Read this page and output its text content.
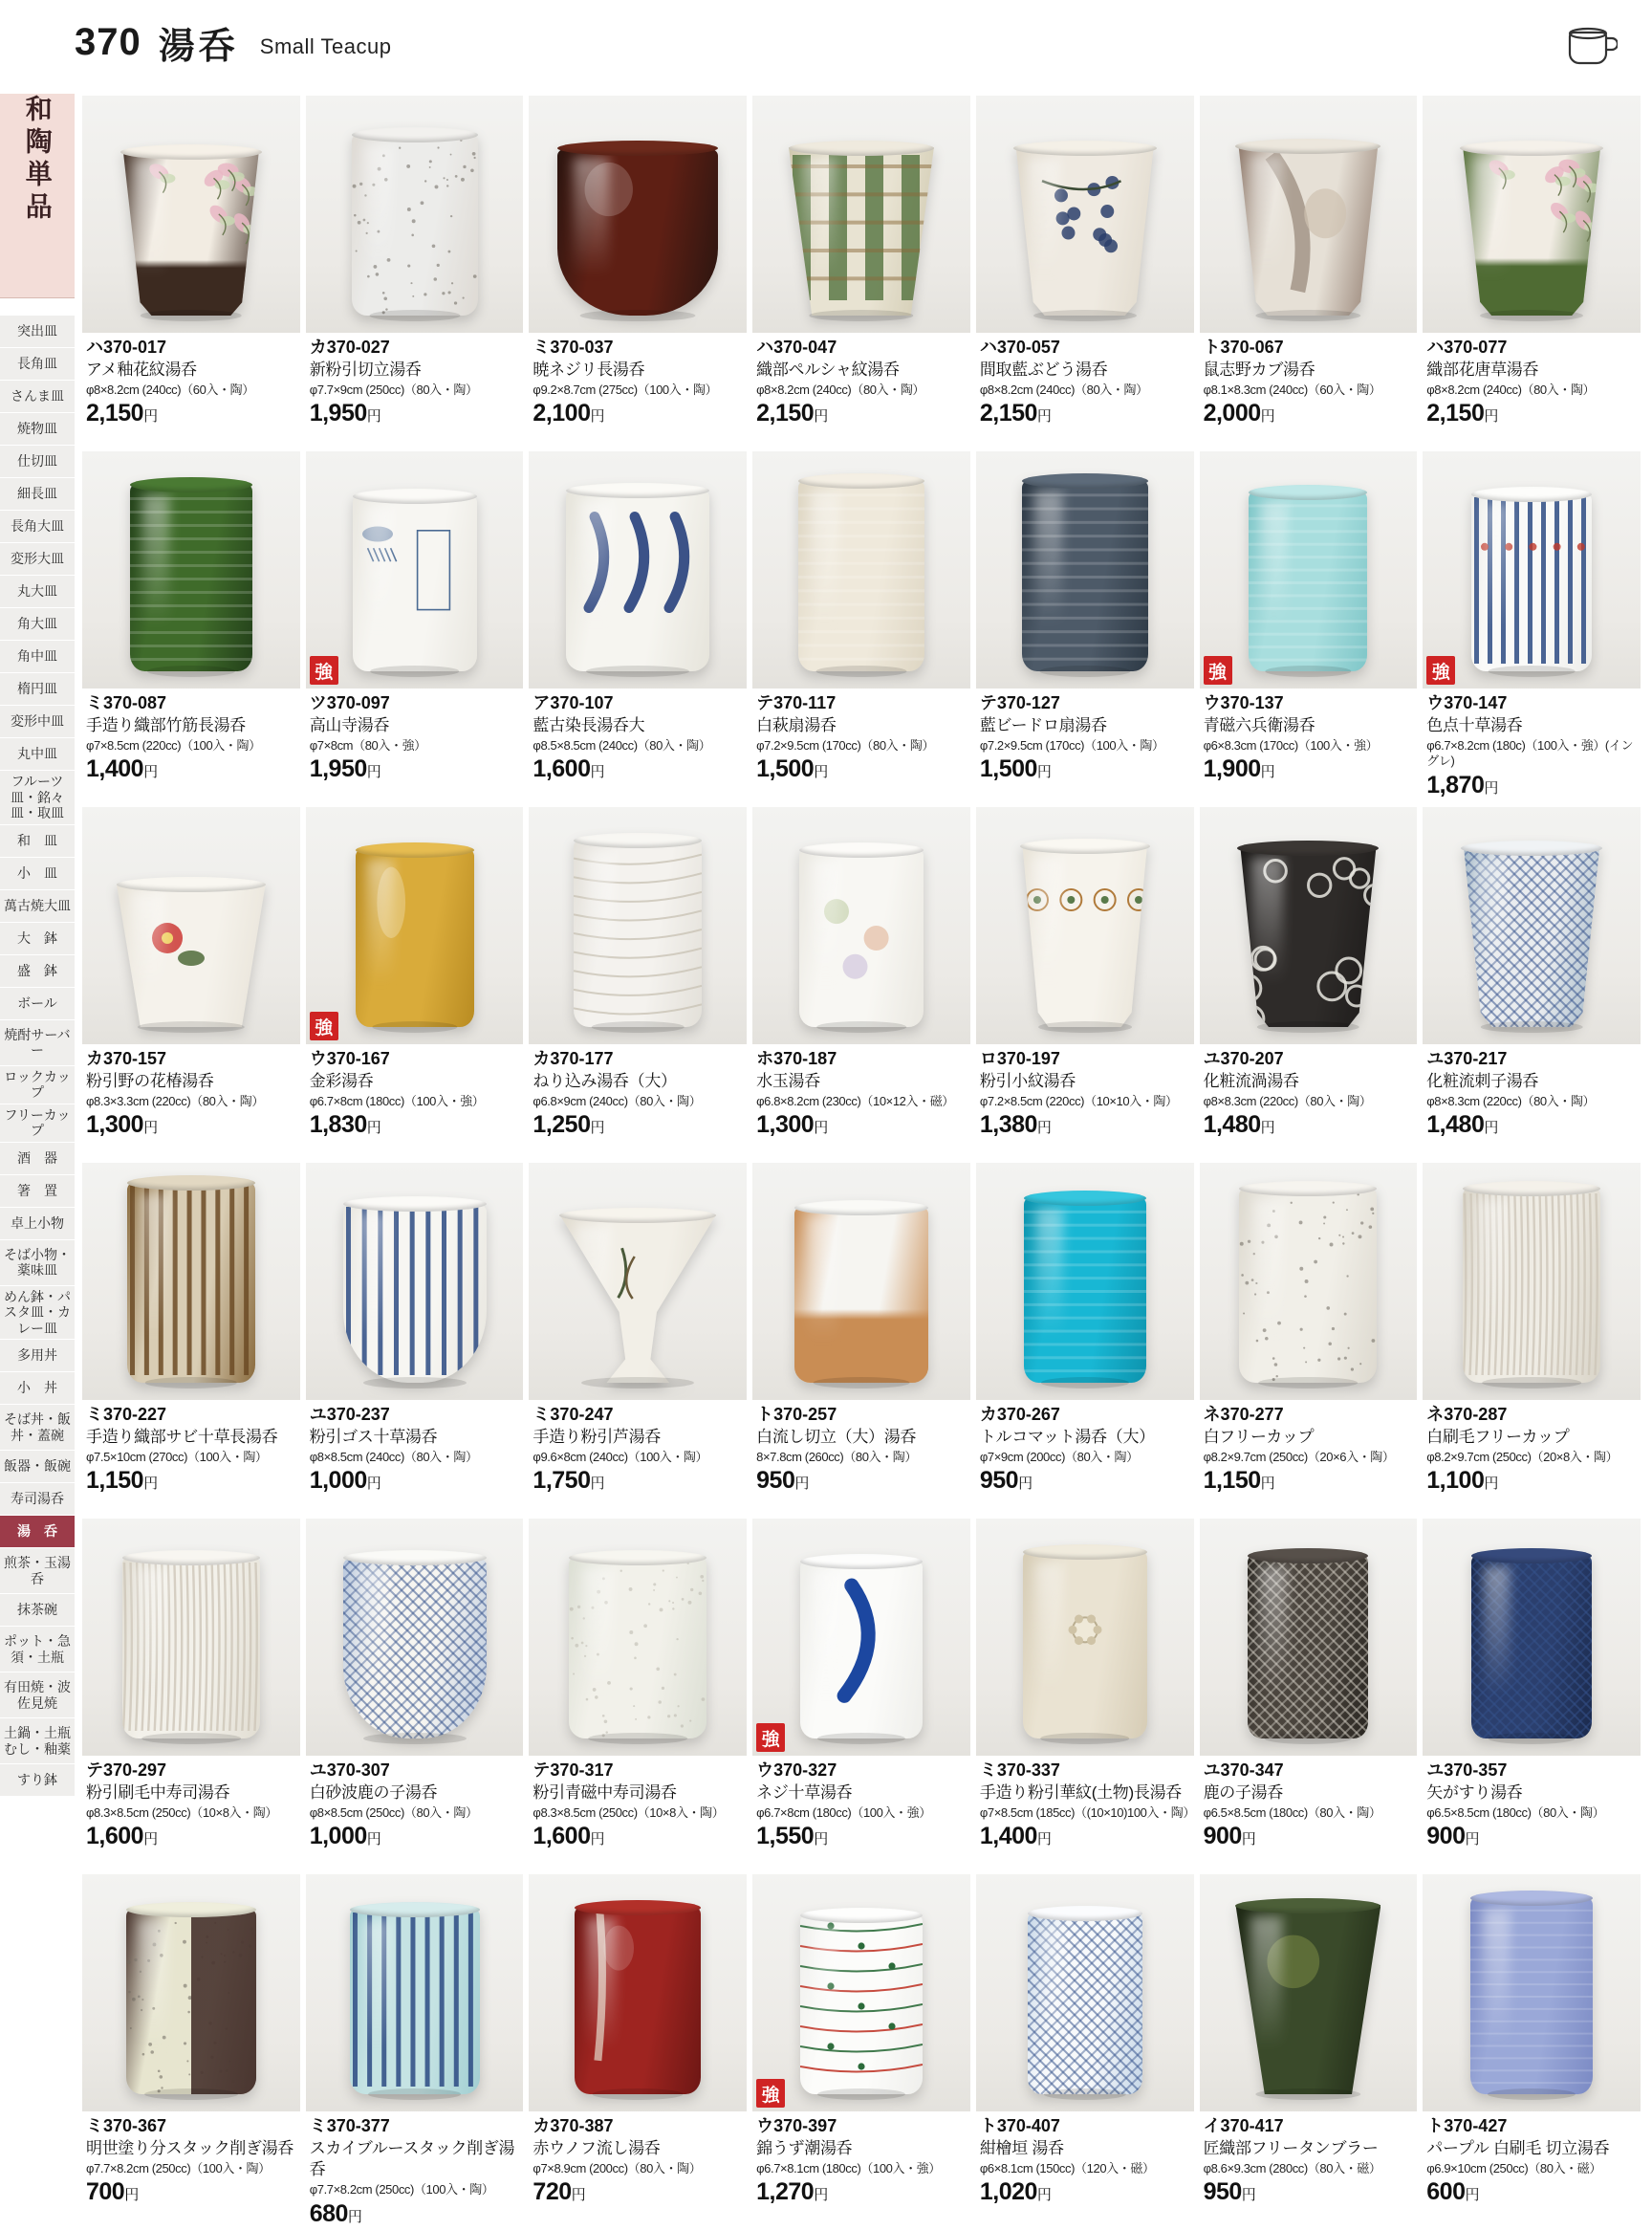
和陶単品
突出皿
長角皿
さんま皿
焼物皿
仕切皿
細長皿
長角大皿
変形大皿
丸大皿
角大皿
角中皿
楕円皿
変形中皿
丸中皿
フルーツ皿・銘々皿・取皿
和　皿
小　皿
萬古焼大皿
大　鉢
盛　鉢
ボール
焼酎サーバー
ロックカップ
フリーカップ
酒　器
箸　置
卓上小物
そば小物・薬味皿
めん鉢・パスタ皿・カレー皿
多用丼
小　丼
そば丼・飯丼・蓋碗
飯器・飯碗
寿司湯呑
湯　呑
煎茶・玉湯呑
抹茶碗
ポット・急須・土瓶
有田焼・波佐見焼
土鍋・土瓶むし・釉薬
すり鉢
370 湯呑 Small Teacup
ハ370-017
アメ釉花紋湯呑
φ8×8.2cm (240cc)（60入・陶）
2,150円
カ370-027
新粉引切立湯呑
φ7.7×9cm (250cc)（80入・陶）
1,950円
ミ370-037
暁ネジリ長湯呑
φ9.2×8.7cm (275cc)（100入・陶）
2,100円
ハ370-047
織部ペルシャ紋湯呑
φ8×8.2cm (240cc)（80入・陶）
2,150円
ハ370-057
間取藍ぶどう湯呑
φ8×8.2cm (240cc)（80入・陶）
2,150円
ト370-067
鼠志野カブ湯呑
φ8.1×8.3cm (240cc)（60入・陶）
2,000円
ハ370-077
織部花唐草湯呑
φ8×8.2cm (240cc)（80入・陶）
2,150円
ミ370-087
手造り織部竹筋長湯呑
φ7×8.5cm (220cc)（100入・陶）
1,400円
強
ツ370-097
高山寺湯呑
φ7×8cm（80入・強）
1,950円
ア370-107
藍古染長湯呑大
φ8.5×8.5cm (240cc)（80入・陶）
1,600円
テ370-117
白萩扇湯呑
φ7.2×9.5cm (170cc)（80入・陶）
1,500円
テ370-127
藍ビードロ扇湯呑
φ7.2×9.5cm (170cc)（100入・陶）
1,500円
強
ウ370-137
青磁六兵衛湯呑
φ6×8.3cm (170cc)（100入・強）
1,900円
強
ウ370-147
色点十草湯呑
φ6.7×8.2cm (180c)（100入・強）(イングレ)
1,870円
カ370-157
粉引野の花椿湯呑
φ8.3×3.3cm (220cc)（80入・陶）
1,300円
強
ウ370-167
金彩湯呑
φ6.7×8cm (180cc)（100入・強）
1,830円
カ370-177
ねり込み湯呑（大）
φ6.8×9cm (240cc)（80入・陶）
1,250円
ホ370-187
水玉湯呑
φ6.8×8.2cm (230cc)（10×12入・磁）
1,300円
ロ370-197
粉引小紋湯呑
φ7.2×8.5cm (220cc)（10×10入・陶）
1,380円
ユ370-207
化粧流渦湯呑
φ8×8.3cm (220cc)（80入・陶）
1,480円
ユ370-217
化粧流刺子湯呑
φ8×8.3cm (220cc)（80入・陶）
1,480円
ミ370-227
手造り織部サビ十草長湯呑
φ7.5×10cm (270cc)（100入・陶）
1,150円
ユ370-237
粉引ゴス十草湯呑
φ8×8.5cm (240cc)（80入・陶）
1,000円
ミ370-247
手造り粉引芦湯呑
φ9.6×8cm (240cc)（100入・陶）
1,750円
ト370-257
白流し切立（大）湯呑
8×7.8cm (260cc)（80入・陶）
950円
カ370-267
トルコマット湯呑（大）
φ7×9cm (200cc)（80入・陶）
950円
ネ370-277
白フリーカップ
φ8.2×9.7cm (250cc)（20×6入・陶）
1,150円
ネ370-287
白刷毛フリーカップ
φ8.2×9.7cm (250cc)（20×8入・陶）
1,100円
テ370-297
粉引刷毛中寿司湯呑
φ8.3×8.5cm (250cc)（10×8入・陶）
1,600円
ユ370-307
白砂波鹿の子湯呑
φ8×8.5cm (250cc)（80入・陶）
1,000円
テ370-317
粉引青磁中寿司湯呑
φ8.3×8.5cm (250cc)（10×8入・陶）
1,600円
強
ウ370-327
ネジ十草湯呑
φ6.7×8cm (180cc)（100入・強）
1,550円
ミ370-337
手造り粉引華紋(土物)長湯呑
φ7×8.5cm (185cc)（(10×10)100入・陶）
1,400円
ユ370-347
鹿の子湯呑
φ6.5×8.5cm (180cc)（80入・陶）
900円
ユ370-357
矢がすり湯呑
φ6.5×8.5cm (180cc)（80入・陶）
900円
ミ370-367
明世塗り分スタック削ぎ湯呑
φ7.7×8.2cm (250cc)（100入・陶）
700円
ミ370-377
スカイブルースタック削ぎ湯呑
φ7.7×8.2cm (250cc)（100入・陶）
680円
カ370-387
赤ウノフ流し湯呑
φ7×8.9cm (200cc)（80入・陶）
720円
強
ウ370-397
錦うず潮湯呑
φ6.7×8.1cm (180cc)（100入・強）
1,270円
ト370-407
紺檜垣 湯呑
φ6×8.1cm (150cc)（120入・磁）
1,020円
イ370-417
匠織部フリータンブラー
φ8.6×9.3cm (280cc)（80入・磁）
950円
ト370-427
パープル 白刷毛 切立湯呑
φ6.9×10cm (250cc)（80入・磁）
600円
